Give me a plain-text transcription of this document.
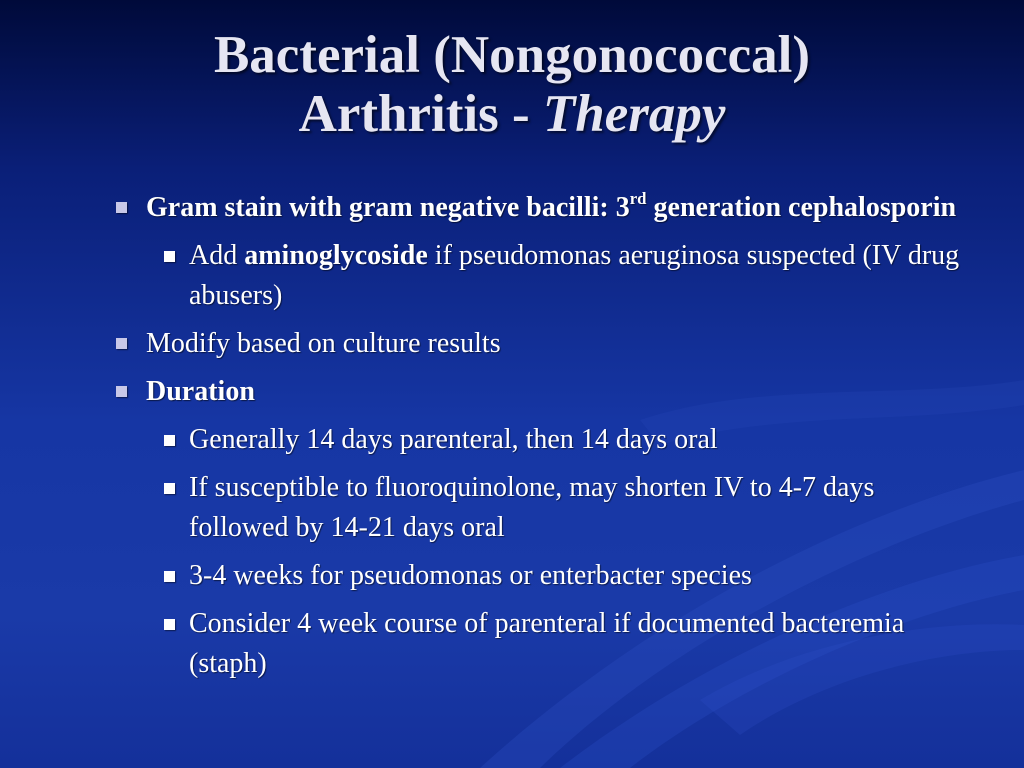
Bacterial (Nongonococcal)
Arthritis - Therapy
Gram stain with gram negative bacilli: 3rd generation cephalosporin
Add aminoglycoside if pseudomonas aeruginosa suspected (IV drug abusers)
Modify based on culture results
Duration
Generally 14 days parenteral, then 14 days oral
If susceptible to fluoroquinolone, may shorten IV to 4-7 days followed by 14-21 days oral
3-4 weeks for pseudomonas or enterbacter species
Consider 4 week course of parenteral if documented bacteremia (staph)
